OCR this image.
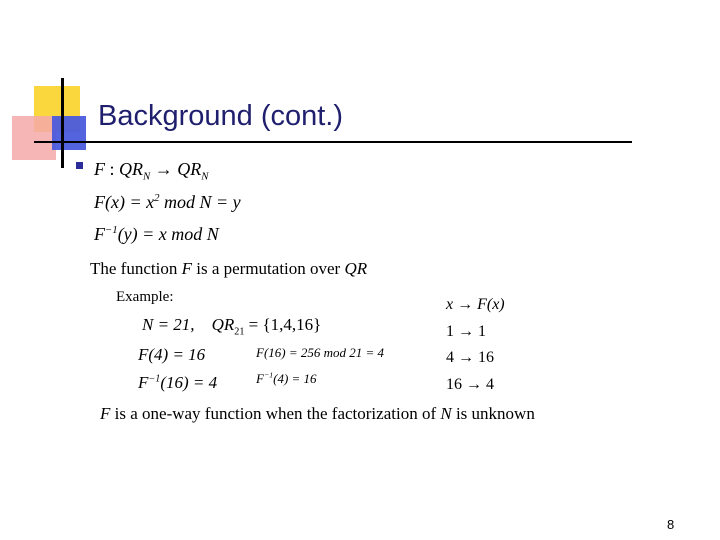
Background (cont.)
F : $QR_N \to QR_N$
$F(x) = x^2$ mod N = y
$F^{-1}(y) = x$ mod N
The function F is a permutation over QR
Example:
N = 21, $QR_{21} = \{1,4,16\}$
F(4) = 16	F(16) = 256 mod 21 = 4
$F^{-1}(16) = 4$	$F^{-1}(4) = 16$
x → F(x)
1 → 1
4 → 16
16 → 4
F is a one-way function when the factorization of N is unknown
8
